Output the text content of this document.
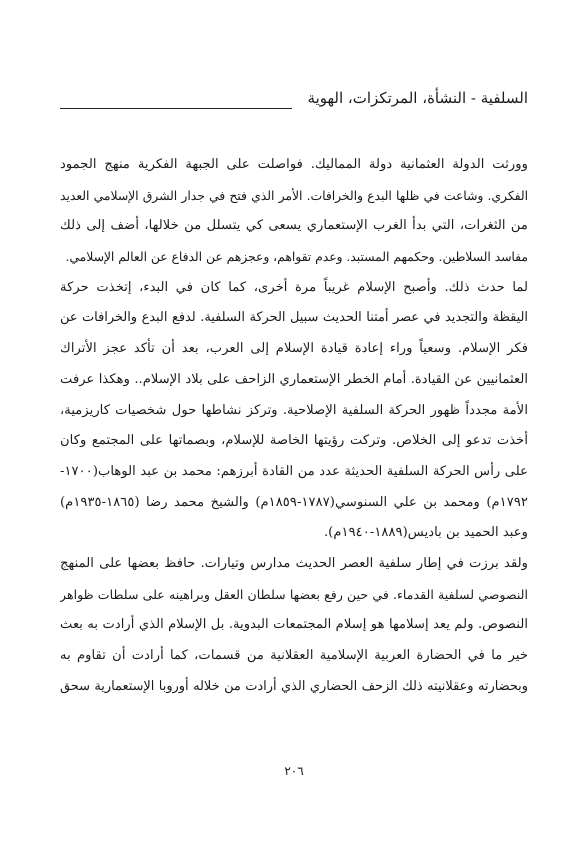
السلفية - النشأة، المرتكزات، الهوية

وورثت الدولة العثمانية دولة المماليك. فواصلت على الجبهة الفكرية منهج الجمود
الفكري. وشاعت في ظلها البدع والخرافات. الأمر الذي فتح في جدار الشرق الإسلامي العديد
من الثغرات، التي بدأ الغرب الإستعماري يسعى كي يتسلل من خلالها، أضف إلى ذلك
مفاسد السلاطين. وحكمهم المستبد. وعدم تقواهم، وعجزهم عن الدفاع عن العالم الإسلامي.

لما حدث ذلك. وأصبح الإسلام غريباً مرة أخرى، كما كان في البدء، إتخذت حركة
اليقظة والتجديد في عصر أمتنا الحديث سبيل الحركة السلفية. لدفع البدع والخرافات عن
فكر الإسلام. وسعياً وراء إعادة قيادة الإسلام إلى العرب، بعد أن تأكد عجز الأتراك
العثمانيين عن القيادة. أمام الخطر الإستعماري الزاحف على بلاد الإسلام.. وهكذا عرفت
الأمة مجدداً ظهور الحركة السلفية الإصلاحية. وتركز نشاطها حول شخصيات كاريزمية،
أخذت تدعو إلى الخلاص. وتركت رؤيتها الخاصة للإسلام، وبصماتها على المجتمع وكان
على رأس الحركة السلفية الحديثة عدد من القادة أبرزهم: محمد بن عبد الوهاب(١٧٠٠-
١٧٩٢م) ومحمد بن علي السنوسي(١٧٨٧-١٨٥٩م) والشيخ محمد رضا (١٨٦٥-١٩٣٥م)
وعبد الحميد بن باديس(١٨٨٩-١٩٤٠م).

ولقد برزت في إطار سلفية العصر الحديث مدارس وتيارات. حافظ بعضها على المنهج
النصوصي لسلفية القدماء. في حين رفع بعضها سلطان العقل وبراهينه على سلطات ظواهر
النصوص. ولم يعد إسلامها هو إسلام المجتمعات البدوية. بل الإسلام الذي أرادت به بعث
خير ما في الحضارة العربية الإسلامية العقلانية من قسمات، كما أرادت أن تقاوم به
وبحضارته وعقلانيته ذلك الزحف الحضاري الذي أرادت من خلاله أوروبا الإستعمارية سحق

٢٠٦
